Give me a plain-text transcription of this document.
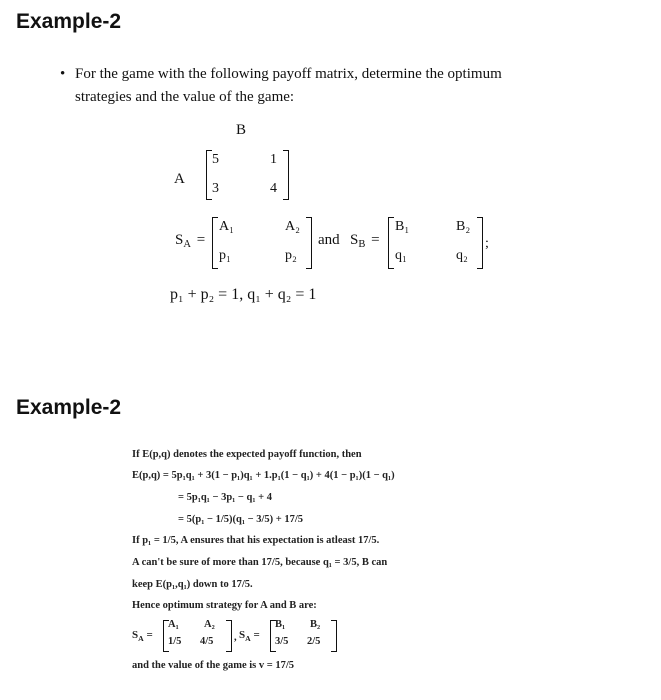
Example-2
• For the game with the following payoff matrix, determine the optimum
strategies and the value of the game:
B
A
5	1
3	4
$S_A$ =
A₁	A₂
p₁	p₂
and $S_B$ =
B₁	B₂
q₁	q₂
;
p₁ + p₂ = 1, q₁ + q₂ = 1
Example-2
If E(p,q) denotes the expected payoff function, then
E(p,q) = 5p₁q₁ + 3(1 − p₁)q₁ + 1.p₁(1 − q₁) + 4(1 − p₁)(1 − q₁)
= 5p₁q₁ − 3p₁ − q₁ + 4
= 5(p₁ − 1/5)(q₁ − 3/5) + 17/5
If p₁ = 1/5, A ensures that his expectation is atleast 17/5.
A can't be sure of more than 17/5, because q₁ = 3/5, B can
keep E(p₁,q₁) down to 17/5.
Hence optimum strategy for A and B are:
$S_A$ =
A₁ A₂
1/5 4/5 , $S_A$ =
B₁ B₂
3/5 2/5
and the value of the game is v = 17/5
